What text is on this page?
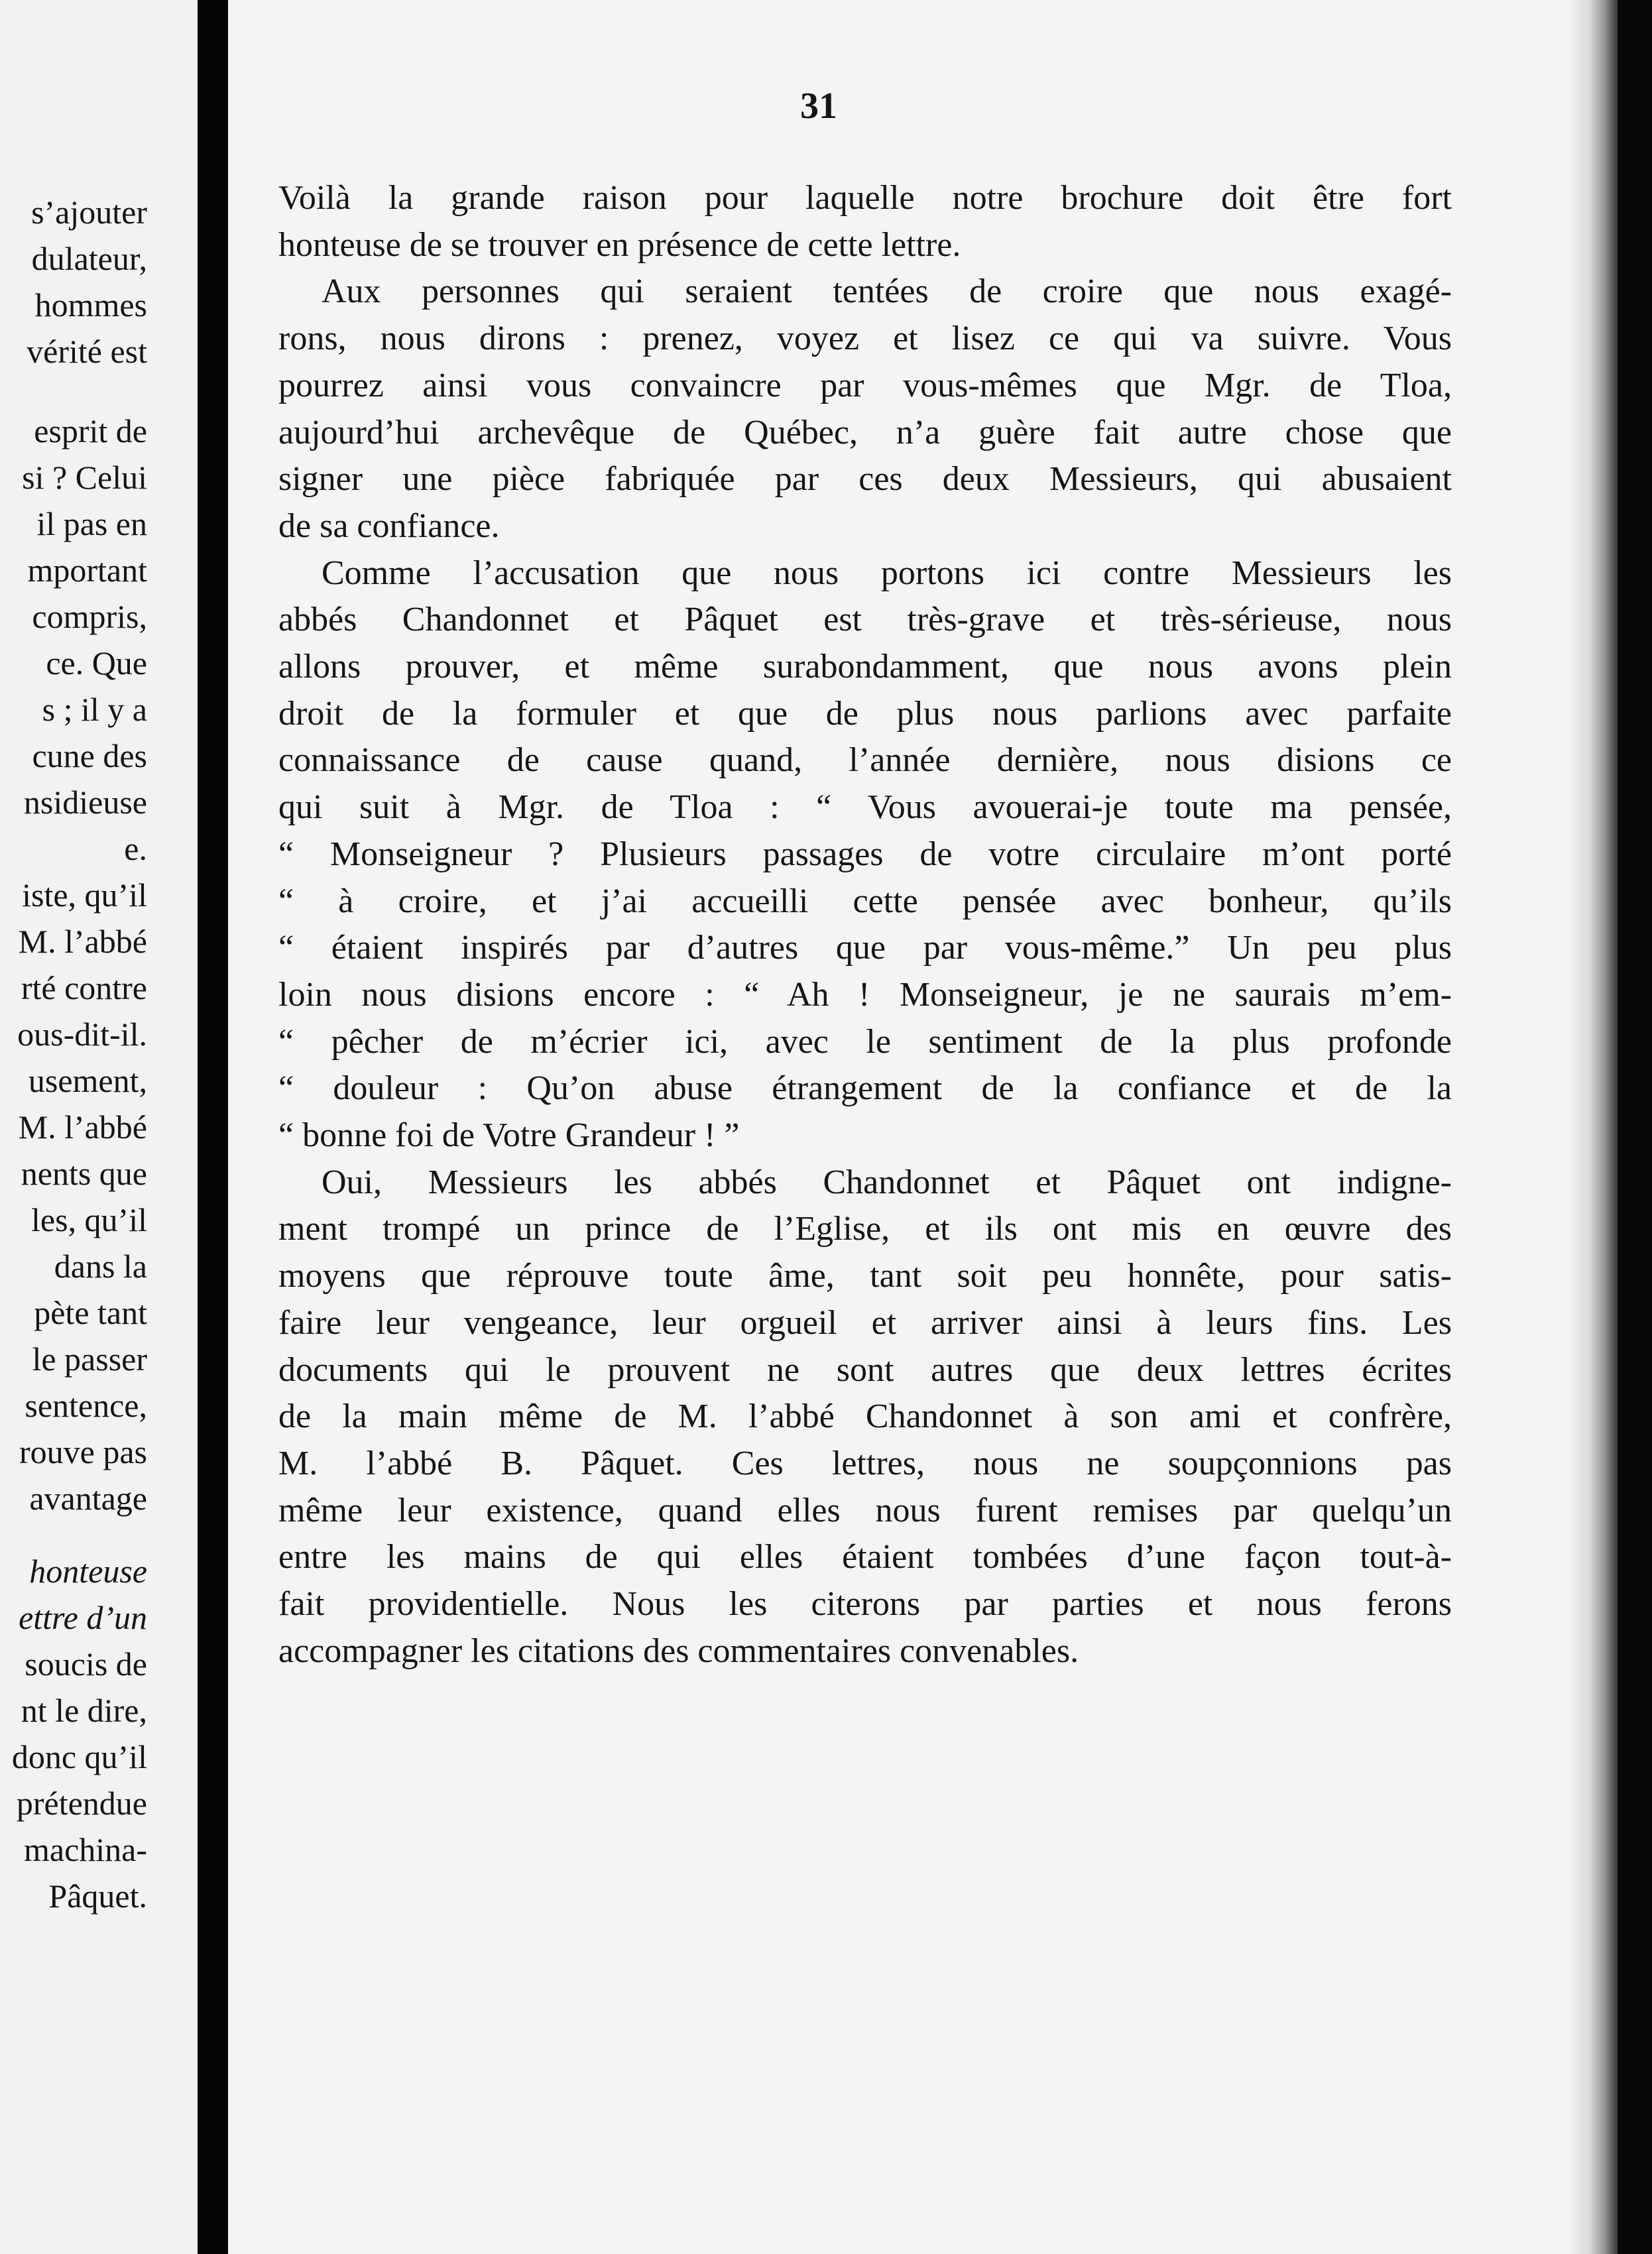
s’ajouter
dulateur,
hommes
vérité est
esprit de
si ? Celui
il pas en
mportant
compris,
ce. Que
s ; il y a
cune des
nsidieuse
e.
iste, qu’il
M. l’abbé
rté contre
ous-dit-il.
usement,
M. l’abbé
nents que
les, qu’il
dans la
pète tant
le passer
sentence,
rouve pas
avantage
honteuse
ettre d’un
soucis de
nt le dire,
donc qu’il
prétendue
machina-
Pâquet.
31
Voilà la grande raison pour laquelle notre brochure doit être fort
honteuse de se trouver en présence de cette lettre.
Aux personnes qui seraient tentées de croire que nous exagé-
rons, nous dirons : prenez, voyez et lisez ce qui va suivre. Vous
pourrez ainsi vous convaincre par vous-mêmes que Mgr. de Tloa,
aujourd’hui archevêque de Québec, n’a guère fait autre chose que
signer une pièce fabriquée par ces deux Messieurs, qui abusaient
de sa confiance.
Comme l’accusation que nous portons ici contre Messieurs les
abbés Chandonnet et Pâquet est très-grave et très-sérieuse, nous
allons prouver, et même surabondamment, que nous avons plein
droit de la formuler et que de plus nous parlions avec parfaite
connaissance de cause quand, l’année dernière, nous disions ce
qui suit à Mgr. de Tloa : “ Vous avouerai-je toute ma pensée,
“ Monseigneur ? Plusieurs passages de votre circulaire m’ont porté
“ à croire, et j’ai accueilli cette pensée avec bonheur, qu’ils
“ étaient inspirés par d’autres que par vous-même.” Un peu plus
loin nous disions encore : “ Ah ! Monseigneur, je ne saurais m’em-
“ pêcher de m’écrier ici, avec le sentiment de la plus profonde
“ douleur : Qu’on abuse étrangement de la confiance et de la
“ bonne foi de Votre Grandeur ! ”
Oui, Messieurs les abbés Chandonnet et Pâquet ont indigne-
ment trompé un prince de l’Eglise, et ils ont mis en œuvre des
moyens que réprouve toute âme, tant soit peu honnête, pour satis-
faire leur vengeance, leur orgueil et arriver ainsi à leurs fins. Les
documents qui le prouvent ne sont autres que deux lettres écrites
de la main même de M. l’abbé Chandonnet à son ami et confrère,
M. l’abbé B. Pâquet. Ces lettres, nous ne soupçonnions pas
même leur existence, quand elles nous furent remises par quelqu’un
entre les mains de qui elles étaient tombées d’une façon tout-à-
fait providentielle. Nous les citerons par parties et nous ferons
accompagner les citations des commentaires convenables.
